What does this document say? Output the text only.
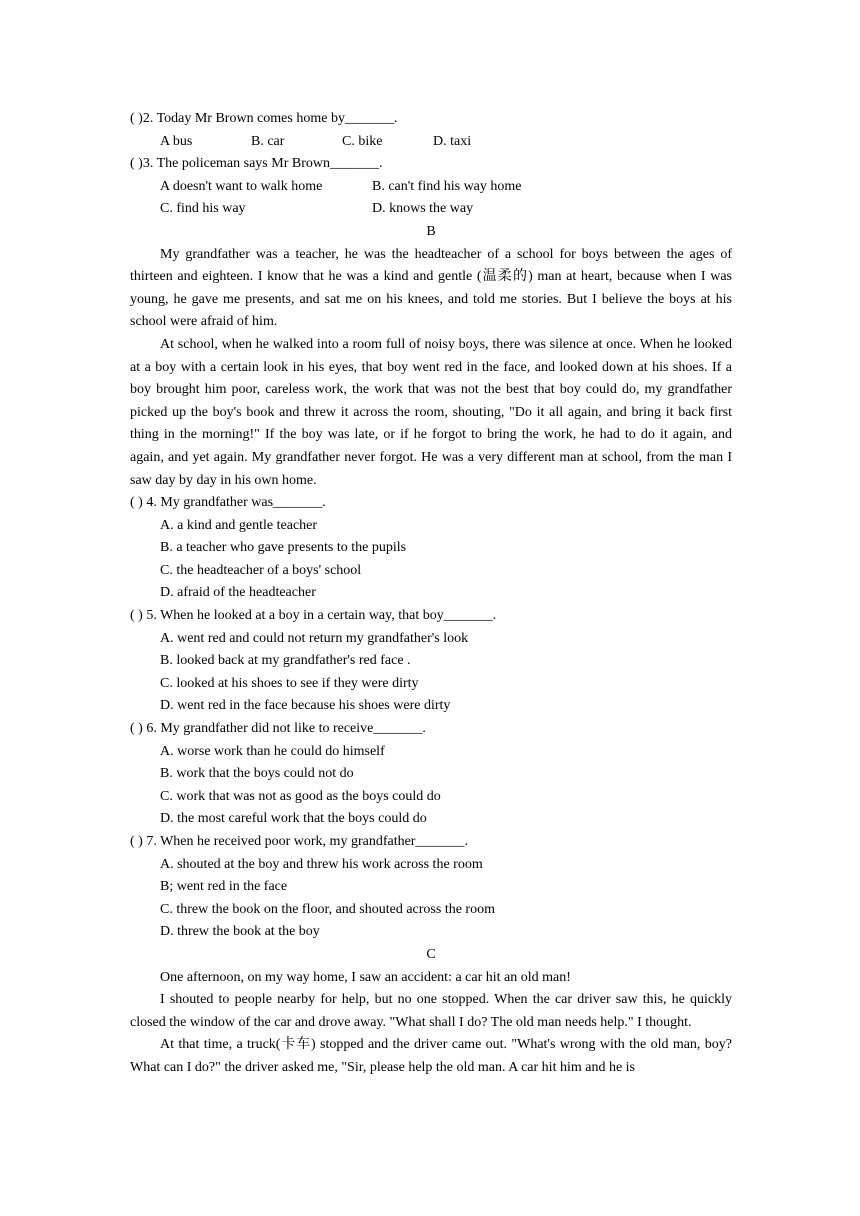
( )2. Today Mr Brown comes home by_______.
A bus	B. car	C. bike	D. taxi
( )3. The policeman says Mr Brown_______.
A doesn't want to walk home	B. can't find his way home
C. find his way	D. knows the way
B

My grandfather was a teacher, he was the headteacher of a school for boys between the ages of thirteen and eighteen. I know that he was a kind and gentle (温柔的) man at heart, because when I was young, he gave me presents, and sat me on his knees, and told me stories. But I believe the boys at his school were afraid of him.

At school, when he walked into a room full of noisy boys, there was silence at once. When he looked at a boy with a certain look in his eyes, that boy went red in the face, and looked down at his shoes. If a boy brought him poor, careless work, the work that was not the best that boy could do, my grandfather picked up the boy's book and threw it across the room, shouting, "Do it all again, and bring it back first thing in the morning!" If the boy was late, or if he forgot to bring the work, he had to do it again, and again, and yet again. My grandfather never forgot. He was a very different man at school, from the man I saw day by day in his own home.

( ) 4. My grandfather was_______.
A. a kind and gentle teacher
B. a teacher who gave presents to the pupils
C. the headteacher of a boys' school
D. afraid of the headteacher
( ) 5. When he looked at a boy in a certain way, that boy_______.
A. went red and could not return my grandfather's look
B. looked back at my grandfather's red face .
C. looked at his shoes to see if they were dirty
D. went red in the face because his shoes were dirty
( ) 6. My grandfather did not like to receive_______.
A. worse work than he could do himself
B. work that the boys could not do
C. work that was not as good as the boys could do
D. the most careful work that the boys could do
( ) 7. When he received poor work, my grandfather_______.
A. shouted at the boy and threw his work across the room
B; went red in the face
C. threw the book on the floor, and shouted across the room
D. threw the book at the boy
C

One afternoon, on my way home, I saw an accident: a car hit an old man!

I shouted to people nearby for help, but no one stopped. When the car driver saw this, he quickly closed the window of the car and drove away. "What shall I do? The old man needs help." I thought.

At that time, a truck(卡车) stopped and the driver came out. "What's wrong with the old man, boy? What can I do?" the driver asked me, "Sir, please help the old man. A car hit him and he is
